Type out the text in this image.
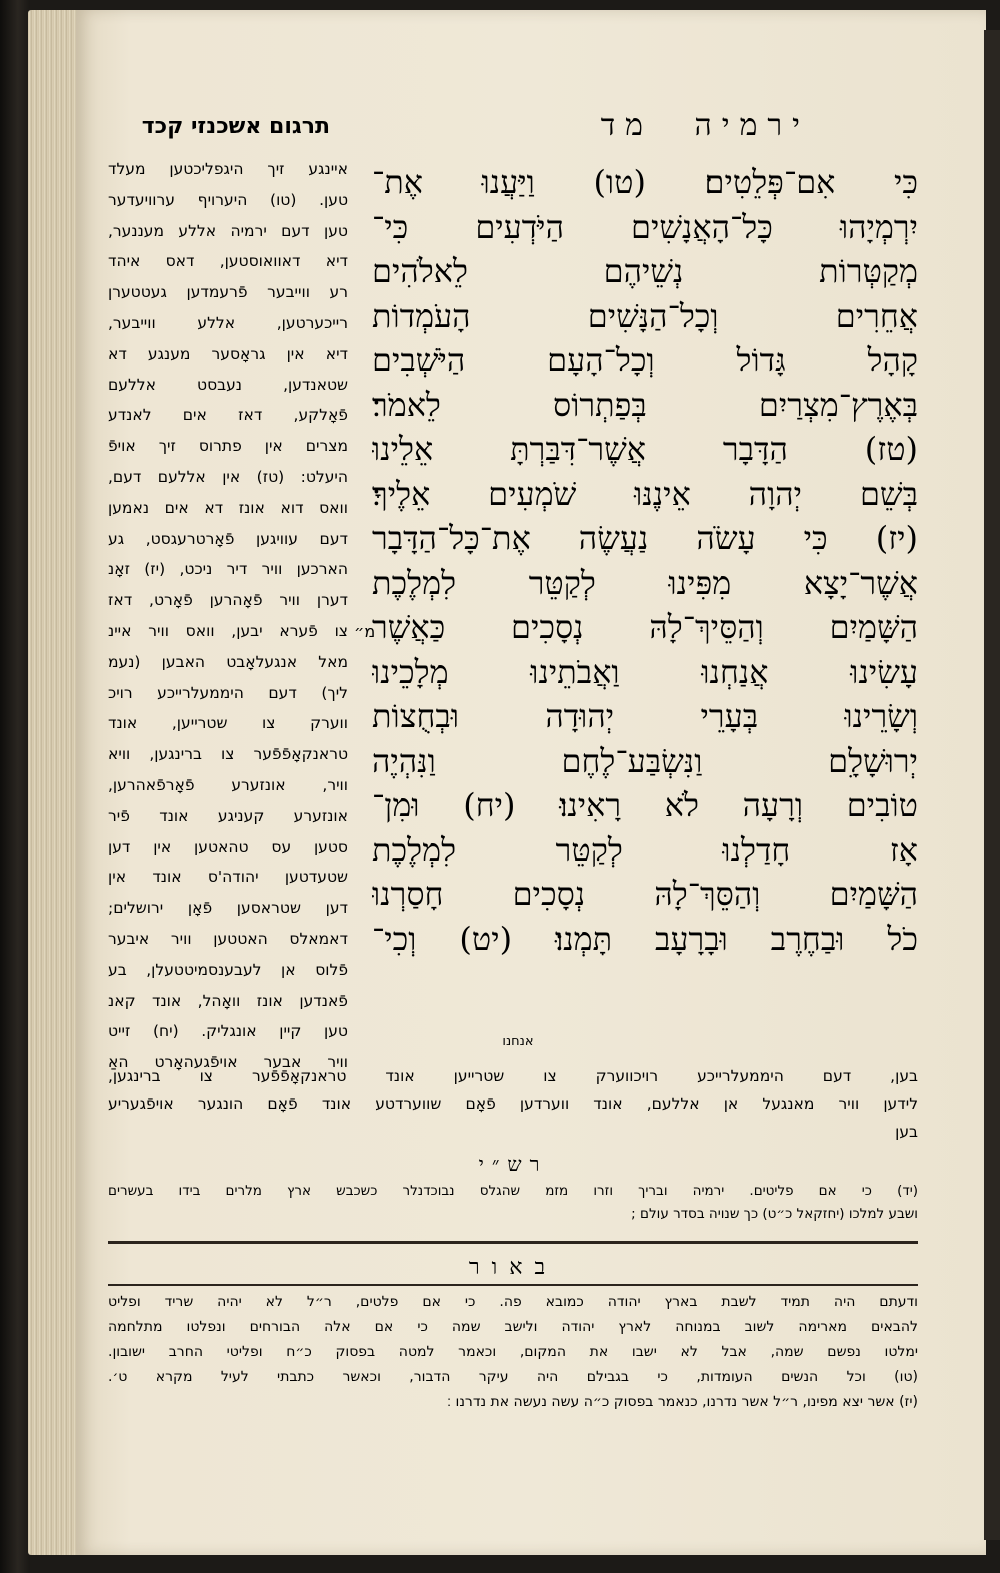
ירמיה מד
תרגום אשכנזי קכד
כִּי אִם־פְּלֵטִים׃ (טו) וַיַּעֲנוּ אֶת־
יִרְמְיָהוּ כָּל־הָאֲנָשִׁים הַיֹּדְעִים כִּי־
מְקַטְּרוֹת נְשֵׁיהֶם לֵאלֹהִים
אֲחֵרִים וְכָל־הַנָּשִׁים הָעֹמְדוֹת
קָהָל גָּדוֹל וְכָל־הָעָם הַיֹּשְׁבִים
בְּאֶרֶץ־מִצְרַיִם בְּפַתְרוֹס לֵאמֹר׃
(טז) הַדָּבָר אֲשֶׁר־דִּבַּרְתָּ אֵלֵינוּ
בְּשֵׁם יְהוָה אֵינֶנּוּ שֹׁמְעִים אֵלֶיךָ׃
(יז) כִּי עָשֹׂה נַעֲשֶׂה אֶת־כָּל־הַדָּבָר
אֲשֶׁר־יָצָא מִפִּינוּ לְקַטֵּר לִמְלֶכֶת
הַשָּׁמַיִם וְהַסֵּיךְ־לָהּ נְסָכִים כַּאֲשֶׁר
עָשִׂינוּ אֲנַחְנוּ וַאֲבֹתֵינוּ מְלָכֵינוּ
וְשָׂרֵינוּ בְּעָרֵי יְהוּדָה וּבְחֻצוֹת
יְרוּשָׁלִָם וַנִּשְׂבַּע־לֶחֶם וַנִּהְיֶה
טוֹבִים וְרָעָה לֹא רָאִינוּ׃ (יח) וּמִן־
אָז חָדַלְנוּ לְקַטֵּר לִמְלֶכֶת
הַשָּׁמַיִם וְהַסֵּךְ־לָהּ נְסָכִים חָסַרְנוּ
כֹל וּבַחֶרֶב וּבָרָעָב תָּמְנוּ׃ (יט) וְכִי־
אנחנו
איינגע זיך היגפליכטען מעלד
טען. (טו) היערויף ערוויעדער
טען דעם ירמיה אללע מעננער,
דיא דאוואוסטען, דאס איהד
רע ווייבער פֿרעמדען געטטערן
רייכערטען, אללע ווייבער,
דיא אין גראָסער מענגע דא
שטאנדען, נעבסט אללעם
פֿאָלקע, דאז אים לאנדע
מצרים אין פתרוס זיך אויפֿ
היעלט: (טז) אין אללעם דעם,
וואס דוא אונז דא אים נאמען
דעם עוויגען פֿאָרטרעגסט, גע
הארכען וויר דיר ניכט, (יז) זאָנ
דערן וויר פֿאָהרען פֿאָרט, דאז
צו פֿערא יבען, וואס וויר איינ
מאל אנגעלאָבט האבען (נעמ
ליך) דעם היממעלרייכע רויכ
ווערק צו שטרייען, אונד
טראנקאָפֿפֿער צו ברינגען, וויא
וויר, אונזערע פֿאָרפֿאהרען,
אונזערע קעניגע אונד פֿיר
סטען עס טהאטען אין דען
שטעדטען יהודה'ס אונד אין
דען שטראסען פֿאָן ירושלים;
דאמאלס האטטען וויר איבער
פֿלוס אן לעבענסמיטטעלן, בע
פֿאנדען אונז וואָהל, אונד קאנ
טען קיין אונגליק. (יח) זייט
וויר אבער אויפֿגעהאָרט האַ
מ״
בען, דעם היממעלרייכע רויכווערק צו שטרייען אונד טראנקאָפֿפֿער צו ברינגען,
לידען וויר מאנגעל אן אללעם, אונד ווערדען פֿאָם שווערדטע אונד פֿאָם הונגער אויפֿגעריע
בען
רש״י
(יד) כי אם פליטים. ירמיה ובריך וזרו מזמ שהגלס נבוכדנלר כשכבש ארץ מלרים בידו בעשרים
ושבע למלכו (יחזקאל כ״ט) כך שנויה בסדר עולם ;
באור
ודעתם היה תמיד לשבת בארץ יהודה כמובא פה. כי אם פלטים, ר״ל לא יהיה שריד ופליט
להבאים מארימה לשוב במנוחה לארץ יהודה ולישב שמה כי אם אלה הבורחים ונפלטו מתלחמה
ימלטו נפשם שמה, אבל לא ישבו את המקום, וכאמר למטה בפסוק כ״ח ופליטי החרב ישובון.
(טו) וכל הנשים העומדות, כי בגבילם היה עיקר הדבור, וכאשר כתבתי לעיל מקרא ט׳.
(יז) אשר יצא מפינו, ר״ל אשר נדרנו, כנאמר בפסוק כ״ה עשה נעשה את נדרנו ׃
